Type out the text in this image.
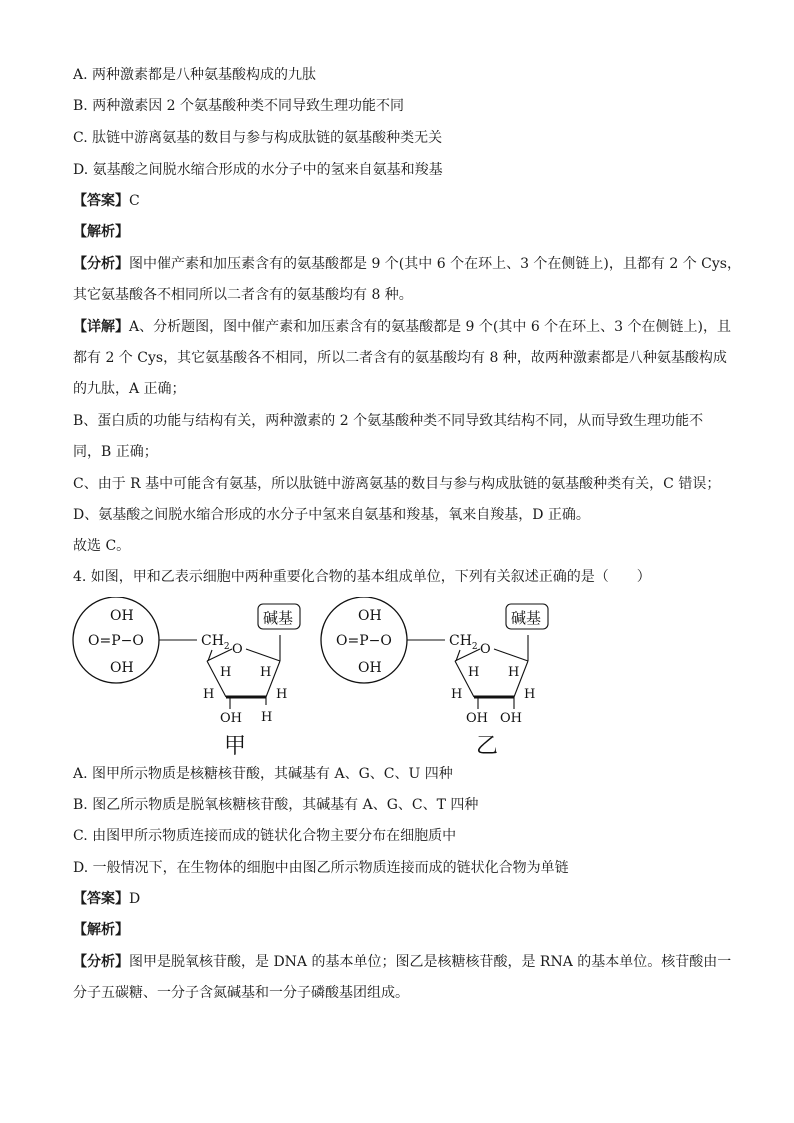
A. 两种激素都是八种氨基酸构成的九肽
B. 两种激素因 2 个氨基酸种类不同导致生理功能不同
C. 肽链中游离氨基的数目与参与构成肽链的氨基酸种类无关
D. 氨基酸之间脱水缩合形成的水分子中的氢来自氨基和羧基
【答案】C
【解析】
【分析】图中催产素和加压素含有的氨基酸都是 9 个(其中 6 个在环上、3 个在侧链上)，且都有 2 个 Cys，
其它氨基酸各不相同所以二者含有的氨基酸均有 8 种。
【详解】A、分析题图，图中催产素和加压素含有的氨基酸都是 9 个(其中 6 个在环上、3 个在侧链上)，且
都有 2 个 Cys，其它氨基酸各不相同，所以二者含有的氨基酸均有 8 种，故两种激素都是八种氨基酸构成
的九肽，A 正确；
B、蛋白质的功能与结构有关，两种激素的 2 个氨基酸种类不同导致其结构不同，从而导致生理功能不
同，B 正确；
C、由于 R 基中可能含有氨基，所以肽链中游离氨基的数目与参与构成肽链的氨基酸种类有关，C 错误；
D、氨基酸之间脱水缩合形成的水分子中氢来自氨基和羧基，氧来自羧基，D 正确。
故选 C。
4. 如图，甲和乙表示细胞中两种重要化合物的基本组成单位，下列有关叙述正确的是（　　）
OH
O=P−O
OH
$CH_2$ O
碱基
H H
H	H
OH H
甲
OH
O=P−O
OH
$CH_2$ O
碱基
H H
H	H
OH OH
乙
A. 图甲所示物质是核糖核苷酸，其碱基有 A、G、C、U 四种
B. 图乙所示物质是脱氧核糖核苷酸，其碱基有 A、G、C、T 四种
C. 由图甲所示物质连接而成的链状化合物主要分布在细胞质中
D. 一般情况下，在生物体的细胞中由图乙所示物质连接而成的链状化合物为单链
【答案】D
【解析】
【分析】图甲是脱氧核苷酸，是 DNA 的基本单位；图乙是核糖核苷酸，是 RNA 的基本单位。核苷酸由一
分子五碳糖、一分子含氮碱基和一分子磷酸基团组成。
